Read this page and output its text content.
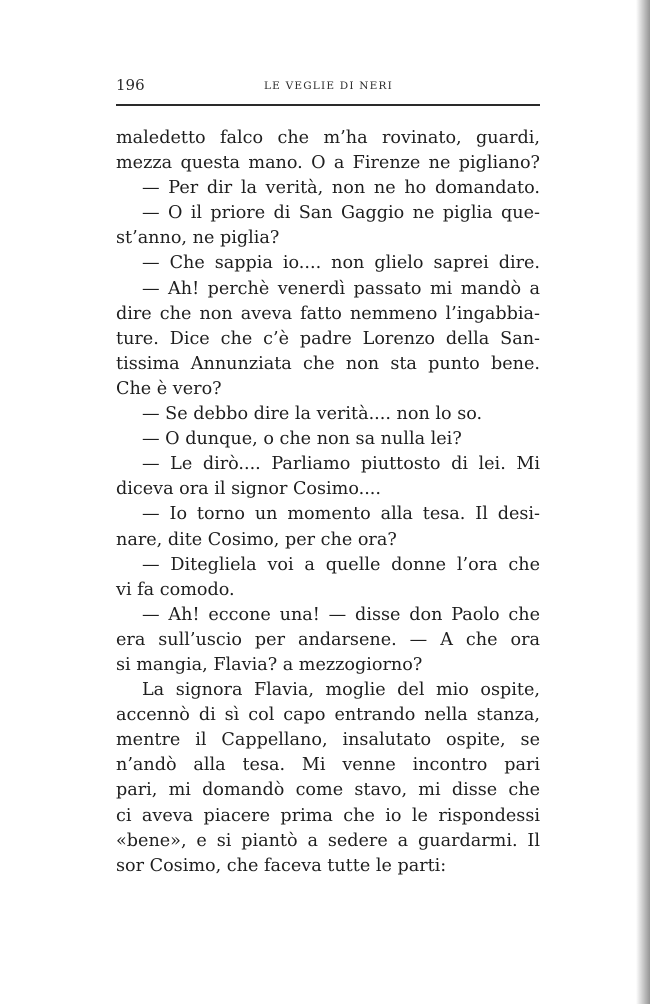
196	LE VEGLIE DI NERI
maledetto falco che m’ha rovinato, guardi,
mezza questa mano. O a Firenze ne pigliano?
— Per dir la verità, non ne ho domandato.
— O il priore di San Gaggio ne piglia que-
st’anno, ne piglia?
— Che sappia io.... non glielo saprei dire.
— Ah! perchè venerdì passato mi mandò a
dire che non aveva fatto nemmeno l’ingabbia-
ture. Dice che c’è padre Lorenzo della San-
tissima Annunziata che non sta punto bene.
Che è vero?
— Se debbo dire la verità.... non lo so.
— O dunque, o che non sa nulla lei?
— Le dirò.... Parliamo piuttosto di lei. Mi
diceva ora il signor Cosimo....
— Io torno un momento alla tesa. Il desi-
nare, dite Cosimo, per che ora?
— Ditegliela voi a quelle donne l’ora che
vi fa comodo.
— Ah! eccone una! — disse don Paolo che
era sull’uscio per andarsene. — A che ora
si mangia, Flavia? a mezzogiorno?
La signora Flavia, moglie del mio ospite,
accennò di sì col capo entrando nella stanza,
mentre il Cappellano, insalutato ospite, se
n’andò alla tesa. Mi venne incontro pari
pari, mi domandò come stavo, mi disse che
ci aveva piacere prima che io le rispondessi
«bene», e si piantò a sedere a guardarmi. Il
sor Cosimo, che faceva tutte le parti:
